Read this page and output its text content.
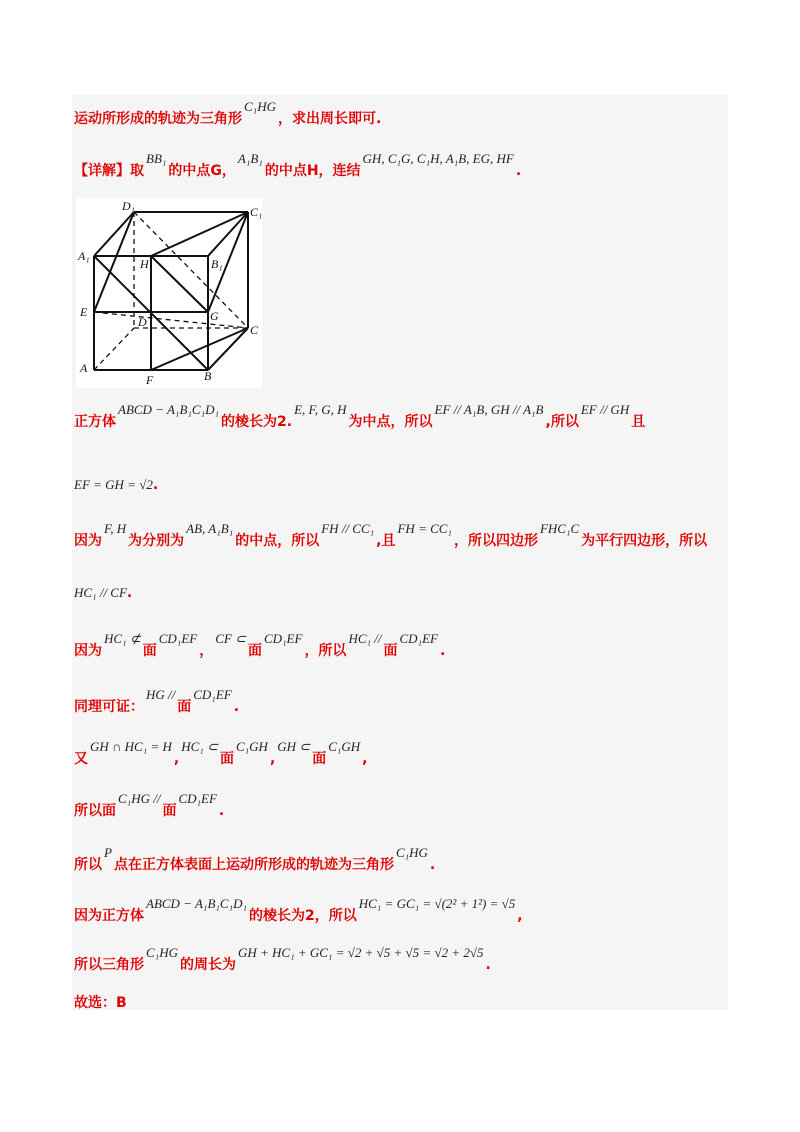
运动所形成的轨迹为三角形$^{C_1HG}$，求出周长即可.
【详解】取$^{BB_1}$的中点G，$^{A_1B_1}$的中点H，连结$^{GH, C_1G, C_1H, A_1B, EG, HF}$.
正方体$^{ABCD - A_1B_1C_1D_1}$的棱长为2.$^{E, F, G, H}$为中点，所以$^{EF // A_1B, GH // A_1B}$,所以$^{EF // GH}$且
EF = GH = √2.
因为$^{F, H}$为分别为$^{AB, A_1B_1}$的中点，所以$^{FH // CC_1}$,且$^{FH = CC_1}$，所以四边形$^{FHC_1C}$为平行四边形，所以
HC₁ // CF.
因为$^{HC_1 ⊄}$面$^{CD_1EF}$，$^{CF \subset}$面$^{CD_1EF}$，所以$^{HC_1 //}$面$^{CD_1EF}$.
同理可证：$^{HG //}$面$^{CD_1EF}$.
又$^{GH \cap HC_1 = H}$,$^{HC_1 \subset}$面$^{C_1GH}$,$^{GH \subset}$面$^{C_1GH}$,
所以面$^{C_1HG //}$面$^{CD_1EF}$.
所以$^P$点在正方体表面上运动所形成的轨迹为三角形$^{C_1HG}$.
因为正方体$^{ABCD - A_1B_1C_1D_1}$的棱长为2，所以$^{HC_1 = GC_1 = √(2^2 + 1^2) = √5}$,
所以三角形$^{C_1HG}$的周长为$^{GH + HC_1 + GC_1 = √2 + √5 + √5 = √2 + 2√5}$.
故选：B
D₁	C₁
A₁
H	B₁
E
D	G
C
A
F	B
